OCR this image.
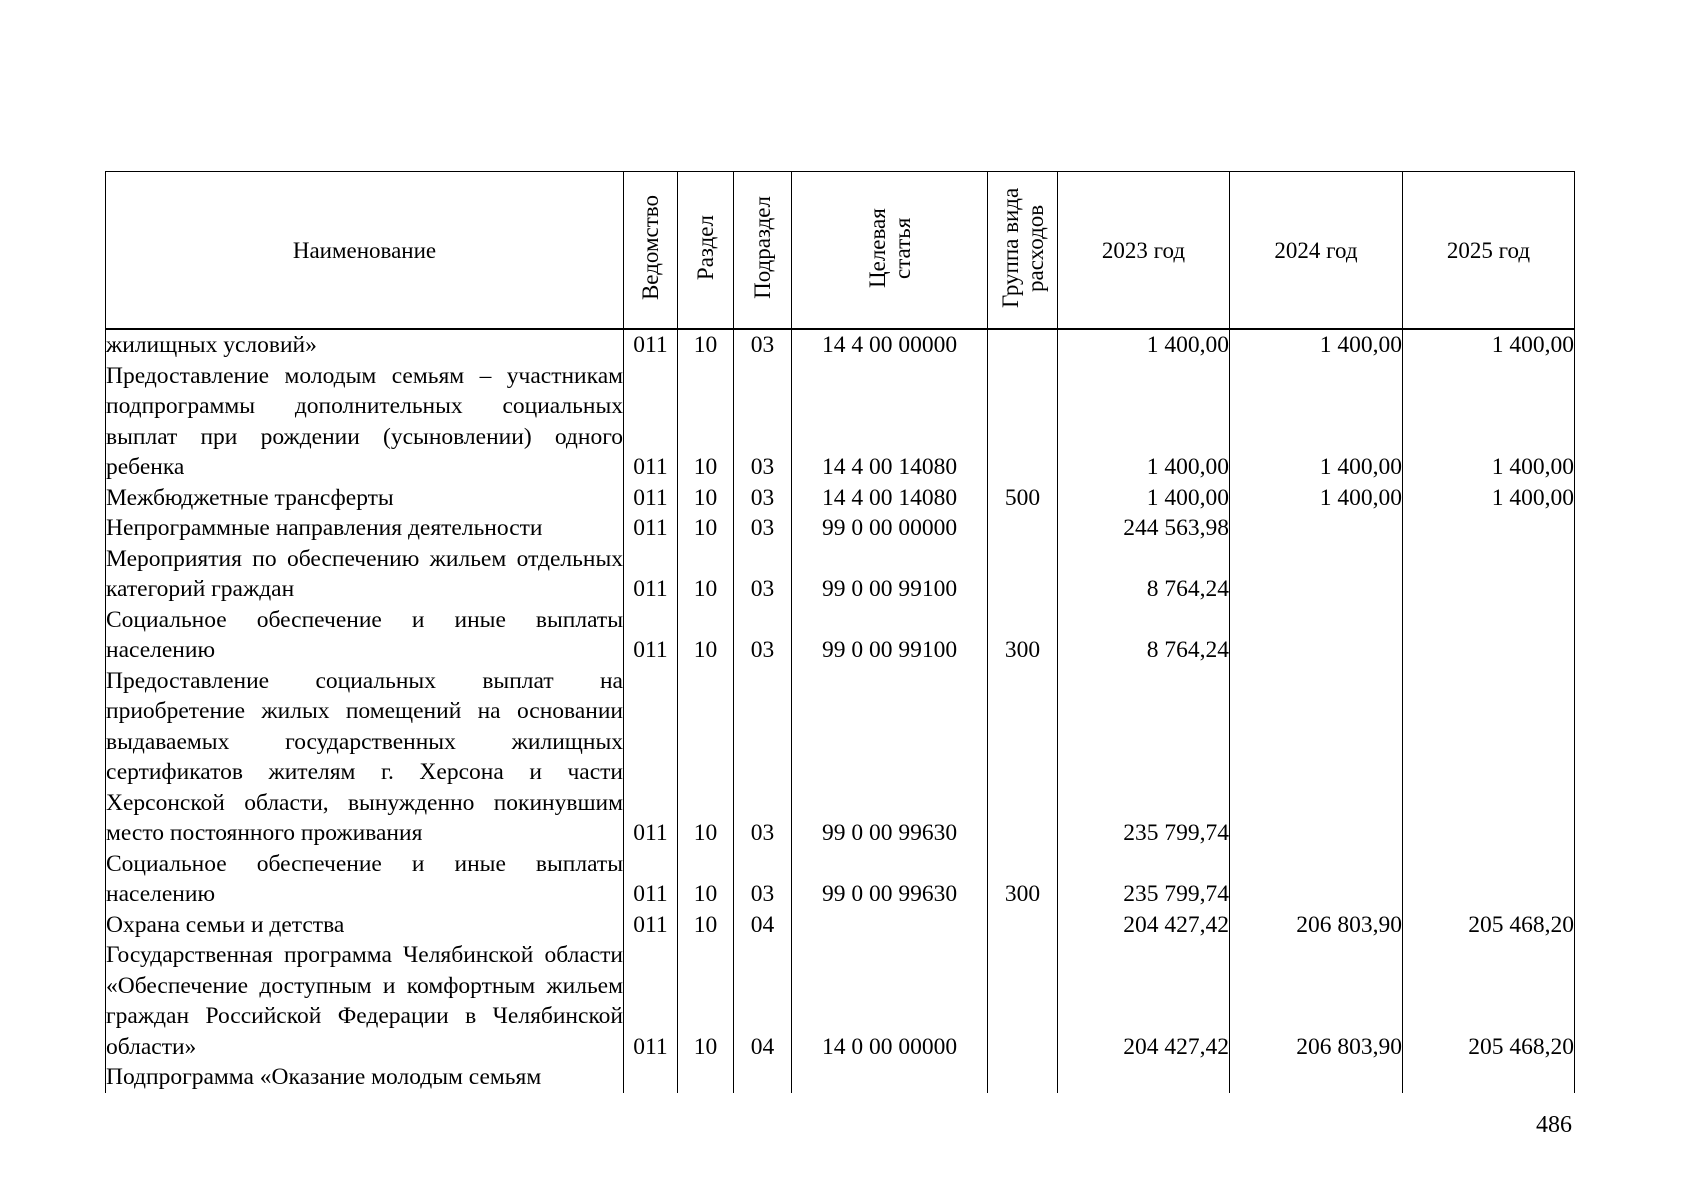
Наименование	Ведомство	Раздел	Подраздел	Целевая статья	Группа вида расходов	2023 год	2024 год	2025 год
жилищных условий»	011	10	03	14 4 00 00000		1 400,00	1 400,00	1 400,00
Предоставление молодым семьям – участникам подпрограммы дополнительных социальных выплат при рождении (усыновлении) одного ребенка	011	10	03	14 4 00 14080		1 400,00	1 400,00	1 400,00
Межбюджетные трансферты	011	10	03	14 4 00 14080	500	1 400,00	1 400,00	1 400,00
Непрограммные направления деятельности	011	10	03	99 0 00 00000		244 563,98		
Мероприятия по обеспечению жильем отдельных категорий граждан	011	10	03	99 0 00 99100		8 764,24		
Социальное обеспечение и иные выплаты населению	011	10	03	99 0 00 99100	300	8 764,24		
Предоставление социальных выплат на приобретение жилых помещений на основании выдаваемых государственных жилищных сертификатов жителям г. Херсона и части Херсонской области, вынужденно покинувшим место постоянного проживания	011	10	03	99 0 00 99630		235 799,74		
Социальное обеспечение и иные выплаты населению	011	10	03	99 0 00 99630	300	235 799,74		
Охрана семьи и детства	011	10	04			204 427,42	206 803,90	205 468,20
Государственная программа Челябинской области «Обеспечение доступным и комфортным жильем граждан Российской Федерации в Челябинской области»	011	10	04	14 0 00 00000		204 427,42	206 803,90	205 468,20
Подпрограмма «Оказание молодым семьям								
486
